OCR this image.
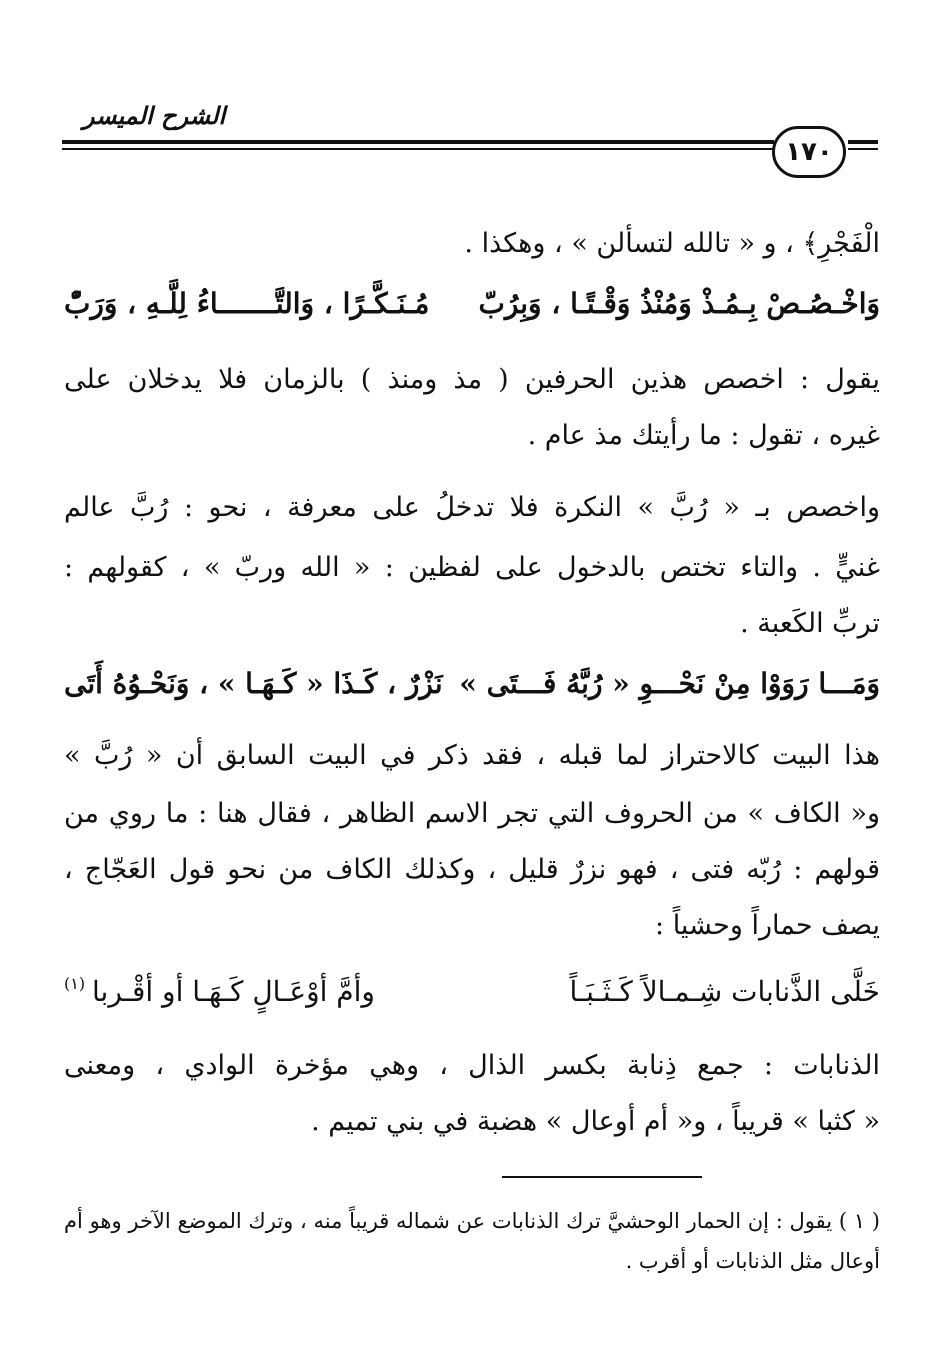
الشرح الميسر
١٧٠
الْفَجْرِ﴾ ، و « تالله لتسألن » ، وهكذا .
وَاخْـصُـصْ بِـمُـذْ وَمُنْذُ وَقْـتًـا ، وَبِرُبّ
مُـنَـكَّـرًا ، وَالتَّـــــــاءُ لِلَّـهِ ، وَرَبّْ
يقول : اخصص هذين الحرفين ( مذ ومنذ ) بالزمان فلا يدخلان على
غيره ، تقول : ما رأيتك مذ عام .
واخصص بـ « رُبَّ » النكرة فلا تدخلُ على معرفة ، نحو : رُبَّ عالم
غنيٍّ . والتاء تختص بالدخول على لفظين : « الله وربّ » ، كقولهم :
تربِّ الكَعبة .
وَمَـــا رَوَوْا مِنْ نَحْـــوِ « رُبَّهُ فَـــتَى »
نَزْرٌ ، كَـذَا « كَـهَـا » ، وَنَحْـوُهُ أَتَى
هذا البيت كالاحتراز لما قبله ، فقد ذكر في البيت السابق أن « رُبَّ »
و« الكاف » من الحروف التي تجر الاسم الظاهر ، فقال هنا : ما روي من
قولهم : رُبّه فتى ، فهو نزرٌ قليل ، وكذلك الكاف من نحو قول العَجّاج ،
يصف حماراً وحشياً :
خَلَّى الذَّنابات شِـمـالاً كَـثَـبَـاً
وأمَّ أوْعَـالٍ كَـهَـا أو أقْـربا
(١)
الذنابات : جمع ذِنابة بكسر الذال ، وهي مؤخرة الوادي ، ومعنى
« كثبا » قريباً ، و« أم أوعال » هضبة في بني تميم .
( ١ ) يقول : إن الحمار الوحشيَّ ترك الذنابات عن شماله قريباً منه ، وترك الموضع الآخر وهو أم
أوعال مثل الذنابات أو أقرب .
